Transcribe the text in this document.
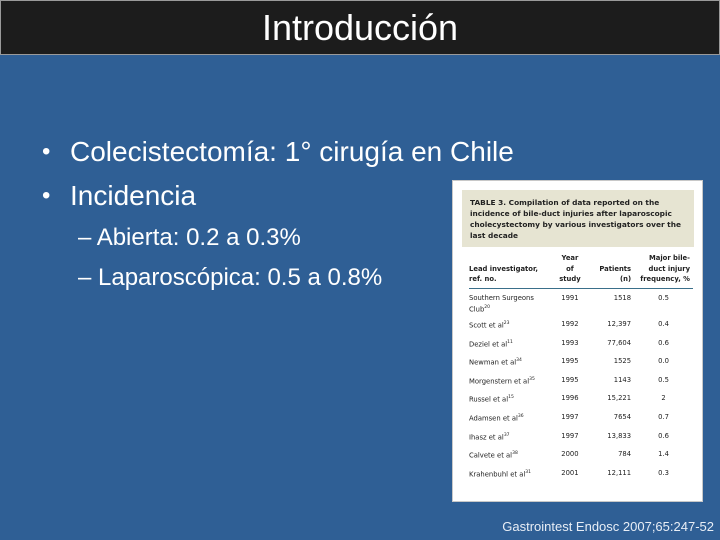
Introducción
• Colecistectomía: 1° cirugía en Chile
• Incidencia
– Abierta: 0.2 a 0.3%
– Laparoscópica: 0.5 a 0.8%
TABLE 3. Compilation of data reported on the incidence of bile-duct injuries after laparoscopic cholecystectomy by various investigators over the last decade
Lead investigator, ref. no.	Year of study	Patients (n)	Major bile-duct injury frequency, %
Southern Surgeons Club$^{20}$	1991	1518	0.5
Scott et $al^{23}$	1992	12,397	0.4
Deziel et $al^{11}$	1993	77,604	0.6
Newman et $al^{34}$	1995	1525	0.0
Morgenstern et $al^{35}$	1995	1143	0.5
Russel et $al^{15}$	1996	15,221	2
Adamsen et $al^{36}$	1997	7654	0.7
Ihasz et $al^{37}$	1997	13,833	0.6
Calvete et $al^{38}$	2000	784	1.4
Krahenbuhl et $al^{31}$	2001	12,111	0.3
Gastrointest Endosc 2007;65:247-52
